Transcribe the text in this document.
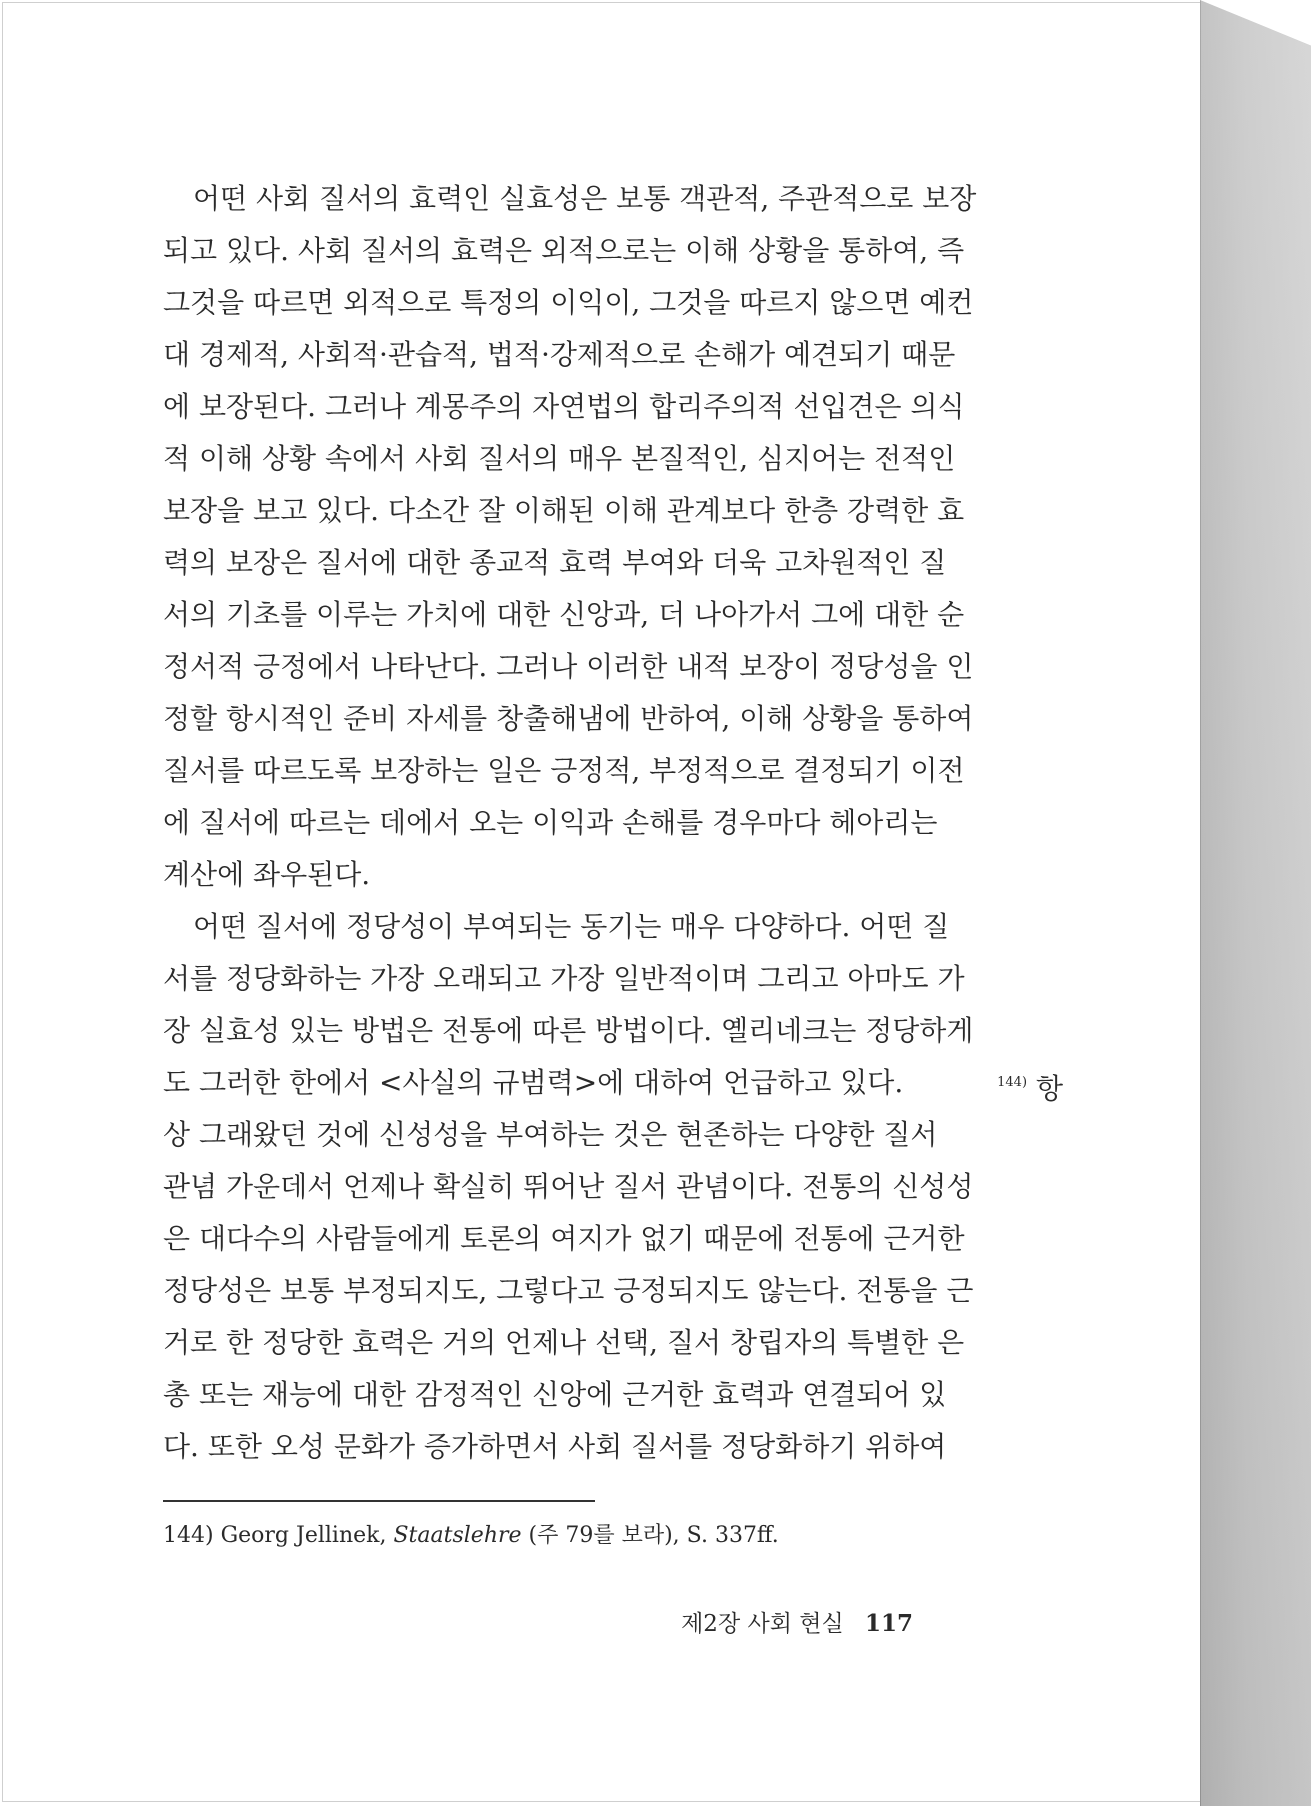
어떤 사회 질서의 효력인 실효성은 보통 객관적, 주관적으로 보장
되고 있다. 사회 질서의 효력은 외적으로는 이해 상황을 통하여, 즉
그것을 따르면 외적으로 특정의 이익이, 그것을 따르지 않으면 예컨
대 경제적, 사회적·관습적, 법적·강제적으로 손해가 예견되기 때문
에 보장된다. 그러나 계몽주의 자연법의 합리주의적 선입견은 의식
적 이해 상황 속에서 사회 질서의 매우 본질적인, 심지어는 전적인
보장을 보고 있다. 다소간 잘 이해된 이해 관계보다 한층 강력한 효
력의 보장은 질서에 대한 종교적 효력 부여와 더욱 고차원적인 질
서의 기초를 이루는 가치에 대한 신앙과, 더 나아가서 그에 대한 순
정서적 긍정에서 나타난다. 그러나 이러한 내적 보장이 정당성을 인
정할 항시적인 준비 자세를 창출해냄에 반하여, 이해 상황을 통하여
질서를 따르도록 보장하는 일은 긍정적, 부정적으로 결정되기 이전
에 질서에 따르는 데에서 오는 이익과 손해를 경우마다 헤아리는
계산에 좌우된다.
어떤 질서에 정당성이 부여되는 동기는 매우 다양하다. 어떤 질
서를 정당화하는 가장 오래되고 가장 일반적이며 그리고 아마도 가
장 실효성 있는 방법은 전통에 따른 방법이다. 옐리네크는 정당하게
도 그러한 한에서 <사실의 규범력>에 대하여 언급하고 있다.	$^{144)}$ 항
상 그래왔던 것에 신성성을 부여하는 것은 현존하는 다양한 질서
관념 가운데서 언제나 확실히 뛰어난 질서 관념이다. 전통의 신성성
은 대다수의 사람들에게 토론의 여지가 없기 때문에 전통에 근거한
정당성은 보통 부정되지도, 그렇다고 긍정되지도 않는다. 전통을 근
거로 한 정당한 효력은 거의 언제나 선택, 질서 창립자의 특별한 은
총 또는 재능에 대한 감정적인 신앙에 근거한 효력과 연결되어 있
다. 또한 오성 문화가 증가하면서 사회 질서를 정당화하기 위하여
144) Georg Jellinek, Staatslehre (주 79를 보라), S. 337ff.
제2장 사회 현실 117
